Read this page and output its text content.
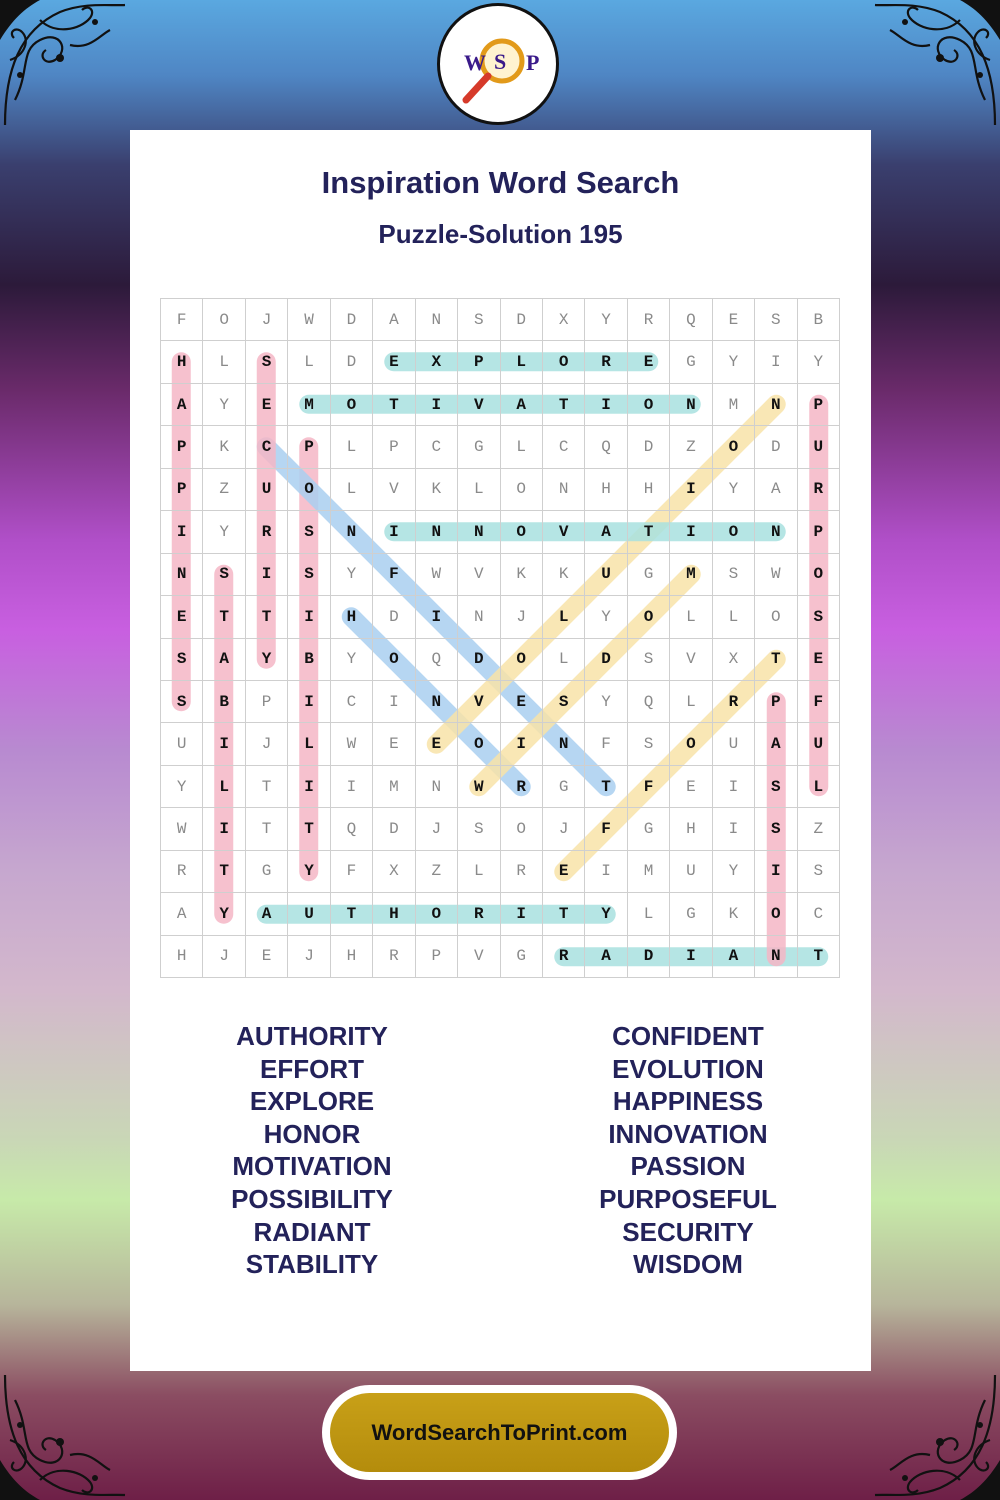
W S P
Inspiration Word Search
Puzzle-Solution 195
F	O	J	W	D	A	N	S	D	X	Y	R	Q	E	S	B
H	L	S	L	D	E	X	P	L	O	R	E	G	Y	I	Y
A	Y	E	M	O	T	I	V	A	T	I	O	N	M	N	P
P	K	C	P	L	P	C	G	L	C	Q	D	Z	O	D	U
P	Z	U	O	L	V	K	L	O	N	H	H	I	Y	A	R
I	Y	R	S	N	I	N	N	O	V	A	T	I	O	N	P
N	S	I	S	Y	F	W	V	K	K	U	G	M	S	W	O
E	T	T	I	H	D	I	N	J	L	Y	O	L	L	O	S
S	A	Y	B	Y	O	Q	D	O	L	D	S	V	X	T	E
S	B	P	I	C	I	N	V	E	S	Y	Q	L	R	P	F
U	I	J	L	W	E	E	O	I	N	F	S	O	U	A	U
Y	L	T	I	I	M	N	W	R	G	T	F	E	I	S	L
W	I	T	T	Q	D	J	S	O	J	F	G	H	I	S	Z
R	T	G	Y	F	X	Z	L	R	E	I	M	U	Y	I	S
A	Y	A	U	T	H	O	R	I	T	Y	L	G	K	O	C
H	J	E	J	H	R	P	V	G	R	A	D	I	A	N	T
AUTHORITY
EFFORT
EXPLORE
HONOR
MOTIVATION
POSSIBILITY
RADIANT
STABILITY
CONFIDENT
EVOLUTION
HAPPINESS
INNOVATION
PASSION
PURPOSEFUL
SECURITY
WISDOM
WordSearchToPrint.com
